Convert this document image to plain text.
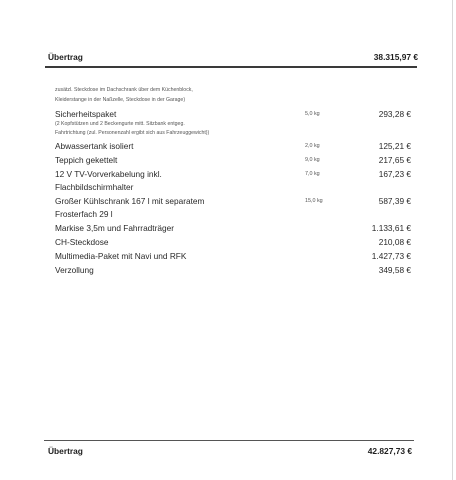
Übertrag	38.315,97 €
zusätzl. Steckdose im Dachschrank über dem Küchenblock,
Kleiderstange in der Naßzelle, Steckdose in der Garage)
Sicherheitspaket	5,0 kg	293,28 €
(2 Kopfstützen und 2 Beckengurte mitt. Sitzbank entgeg.
Fahrtrichtung (zul. Personenzahl ergibt sich aus Fahrzeuggewicht))
Abwassertank isoliert	2,0 kg	125,21 €
Teppich gekettelt	9,0 kg	217,65 €
12 V TV-Vorverkabelung inkl.	7,0 kg	167,23 €
Flachbildschirmhalter
Großer Kühlschrank 167 l mit separatem	15,0 kg	587,39 €
Frosterfach 29 l
Markise 3,5m und Fahrradträger	1.133,61 €
CH-Steckdose	210,08 €
Multimedia-Paket mit Navi und RFK	1.427,73 €
Verzollung	349,58 €
Übertrag	42.827,73 €
